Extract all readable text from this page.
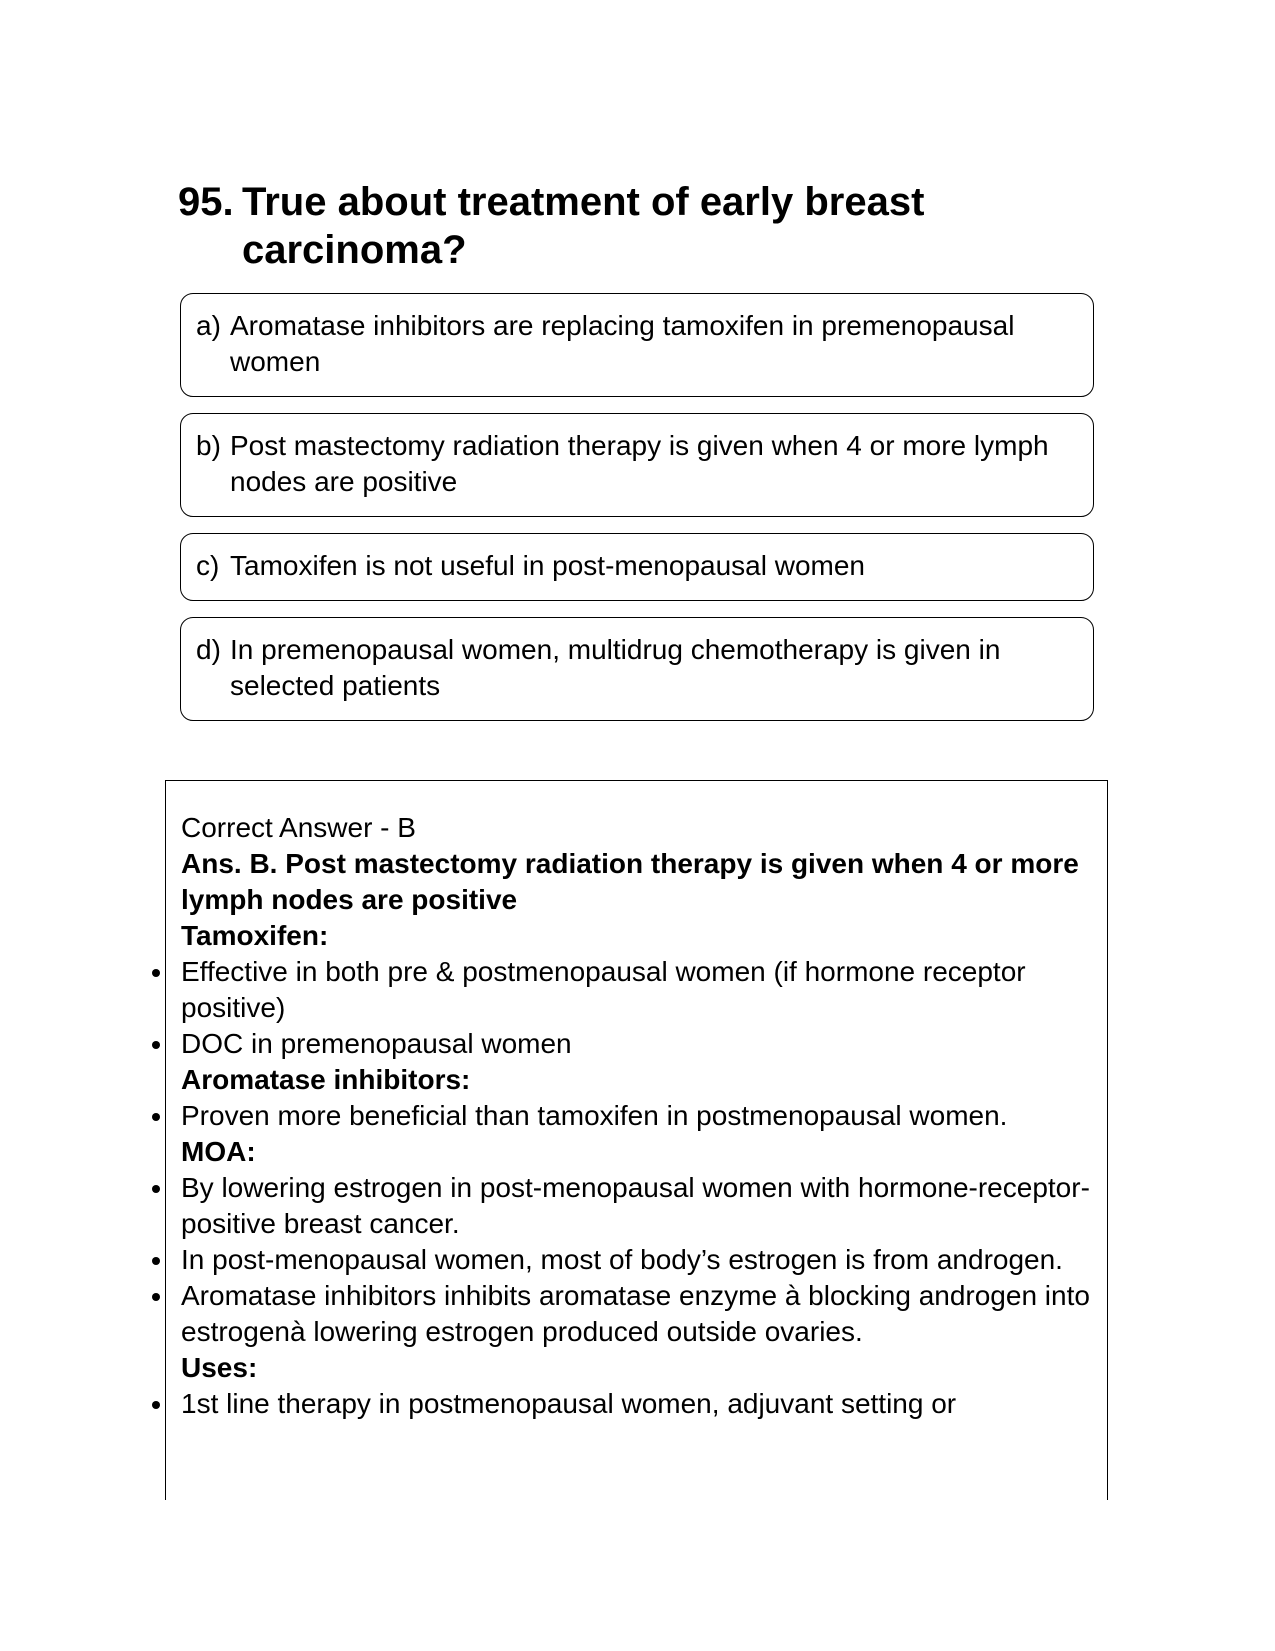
95. True about treatment of early breast carcinoma?
a) Aromatase inhibitors are replacing tamoxifen in premenopausal women
b) Post mastectomy radiation therapy is given when 4 or more lymph nodes are positive
c) Tamoxifen is not useful in post-menopausal women
d) In premenopausal women, multidrug chemotherapy is given in selected patients

Correct Answer - B

Ans. B. Post mastectomy radiation therapy is given when 4 or more lymph nodes are positive

Tamoxifen:

Effective in both pre & postmenopausal women (if hormone receptor positive)
DOC in premenopausal women

Aromatase inhibitors:

Proven more beneficial than tamoxifen in postmenopausal women.

MOA:

By lowering estrogen in post-menopausal women with hormone-receptor-positive breast cancer.
In post-menopausal women, most of body’s estrogen is from androgen.
Aromatase inhibitors inhibits aromatase enzyme à blocking androgen into estrogenà lowering estrogen produced outside ovaries.

Uses:

1st line therapy in postmenopausal women, adjuvant setting or
